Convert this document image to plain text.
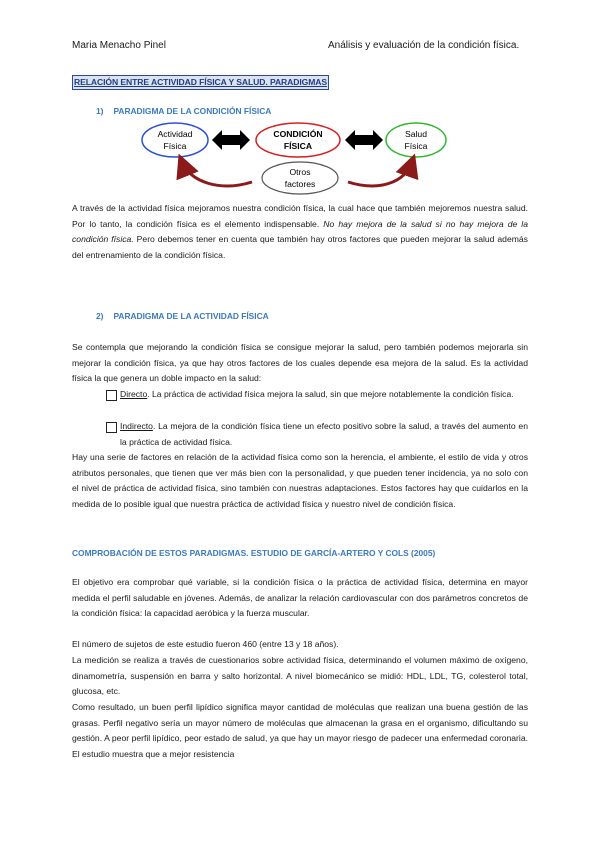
Maria Menacho Pinel	Análisis y evaluación de la condición física.
RELACIÓN ENTRE ACTIVIDAD FÍSICA Y SALUD. PARADIGMAS
1) PARADIGMA DE LA CONDICIÓN FÍSICA
Actividad
Física
CONDICIÓN
FÍSICA
Salud
Física
Otros
factores
A través de la actividad física mejoramos nuestra condición física, la cual hace que también mejoremos nuestra salud. Por lo tanto, la condición física es el elemento indispensable. No hay mejora de la salud si no hay mejora de la condición física. Pero debemos tener en cuenta que también hay otros factores que pueden mejorar la salud además del entrenamiento de la condición física.
2) PARADIGMA DE LA ACTIVIDAD FÍSICA
Se contempla que mejorando la condición física se consigue mejorar la salud, pero también podemos mejorarla sin mejorar la condición física, ya que hay otros factores de los cuales depende esa mejora de la salud. Es la actividad física la que genera un doble impacto en la salud:
Directo. La práctica de actividad física mejora la salud, sin que mejore notablemente la condición física.
Indirecto. La mejora de la condición física tiene un efecto positivo sobre la salud, a través del aumento en la práctica de actividad física.
Hay una serie de factores en relación de la actividad física como son la herencia, el ambiente, el estilo de vida y otros atributos personales, que tienen que ver más bien con la personalidad, y que pueden tener incidencia, ya no solo con el nivel de práctica de actividad física, sino también con nuestras adaptaciones. Estos factores hay que cuidarlos en la medida de lo posible igual que nuestra práctica de actividad física y nuestro nivel de condición física.
COMPROBACIÓN DE ESTOS PARADIGMAS. ESTUDIO DE GARCÍA-ARTERO Y COLS (2005)
El objetivo era comprobar qué variable, si la condición física o la práctica de actividad física, determina en mayor medida el perfil saludable en jóvenes. Además, de analizar la relación cardiovascular con dos parámetros concretos de la condición física: la capacidad aeróbica y la fuerza muscular.
El número de sujetos de este estudio fueron 460 (entre 13 y 18 años).
La medición se realiza a través de cuestionarios sobre actividad física, determinando el volumen máximo de oxígeno, dinamometría, suspensión en barra y salto horizontal. A nivel biomecánico se midió: HDL, LDL, TG, colesterol total, glucosa, etc.
Como resultado, un buen perfil lipídico significa mayor cantidad de moléculas que realizan una buena gestión de las grasas. Perfil negativo sería un mayor número de moléculas que almacenan la grasa en el organismo, dificultando su gestión. A peor perfil lipídico, peor estado de salud, ya que hay un mayor riesgo de padecer una enfermedad coronaria. El estudio muestra que a mejor resistencia
